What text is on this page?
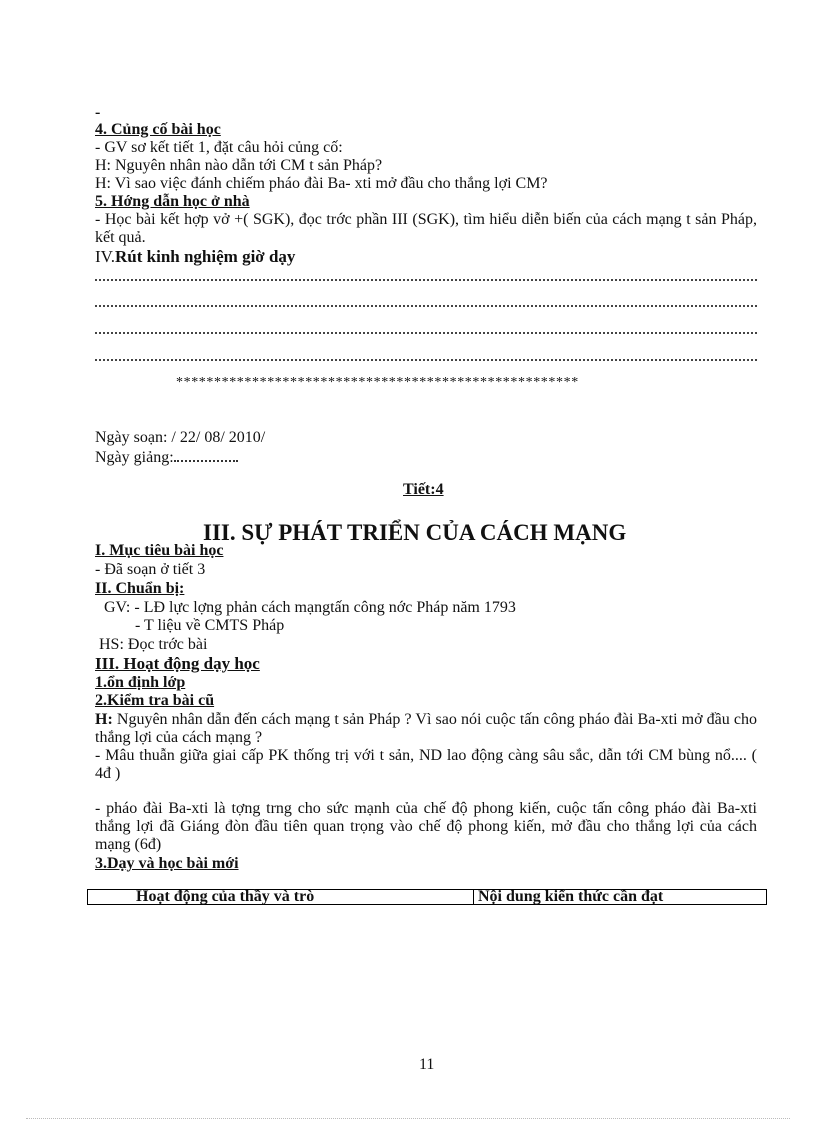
-
4. Củng cố bài học
- GV sơ kết tiết 1, đặt câu hỏi củng cố:
H: Nguyên nhân nào dẫn tới CM t sản Pháp?
H: Vì sao việc đánh chiếm pháo đài Ba- xti mở đầu cho thắng lợi CM?
5. Hớng dẫn học ở nhà
- Học bài kết hợp vở +( SGK), đọc trớc phần III (SGK), tìm hiểu diễn biến của cách mạng t sản Pháp, kết quả.
IV.Rút kinh nghiệm giờ dạy
*****************************************************
Ngày soạn: / 22/ 08/ 2010/
Ngày giảng:
Tiết:4
III. SỰ PHÁT TRIỂN CỦA CÁCH MẠNG
I. Mục tiêu bài học
- Đã soạn ở tiết 3
II. Chuẩn bị:
GV: - LĐ lực lợng phản cách mạngtấn công nớc Pháp năm 1793
- T liệu về CMTS Pháp
HS: Đọc trớc bài
III. Hoạt động dạy học
1.ổn định lớp
2.Kiểm tra bài cũ
H: Nguyên nhân dẫn đến cách mạng t sản Pháp ? Vì sao nói cuộc tấn công pháo đài Ba-xti mở đầu cho thắng lợi của cách mạng ?
- Mâu thuẫn giữa giai cấp PK thống trị với t sản, ND lao động càng sâu sắc, dẫn tới CM bùng nổ.... ( 4đ )
- pháo đài Ba-xti là tợng trng cho sức mạnh của chế độ phong kiến, cuộc tấn công pháo đài Ba-xti thắng lợi đã Giáng đòn đầu tiên quan trọng vào chế độ phong kiến, mở đầu cho thắng lợi của cách mạng (6đ)
3.Dạy và học bài mới
Hoạt động của thầy và trò	Nội dung kiến thức cần đạt
11
